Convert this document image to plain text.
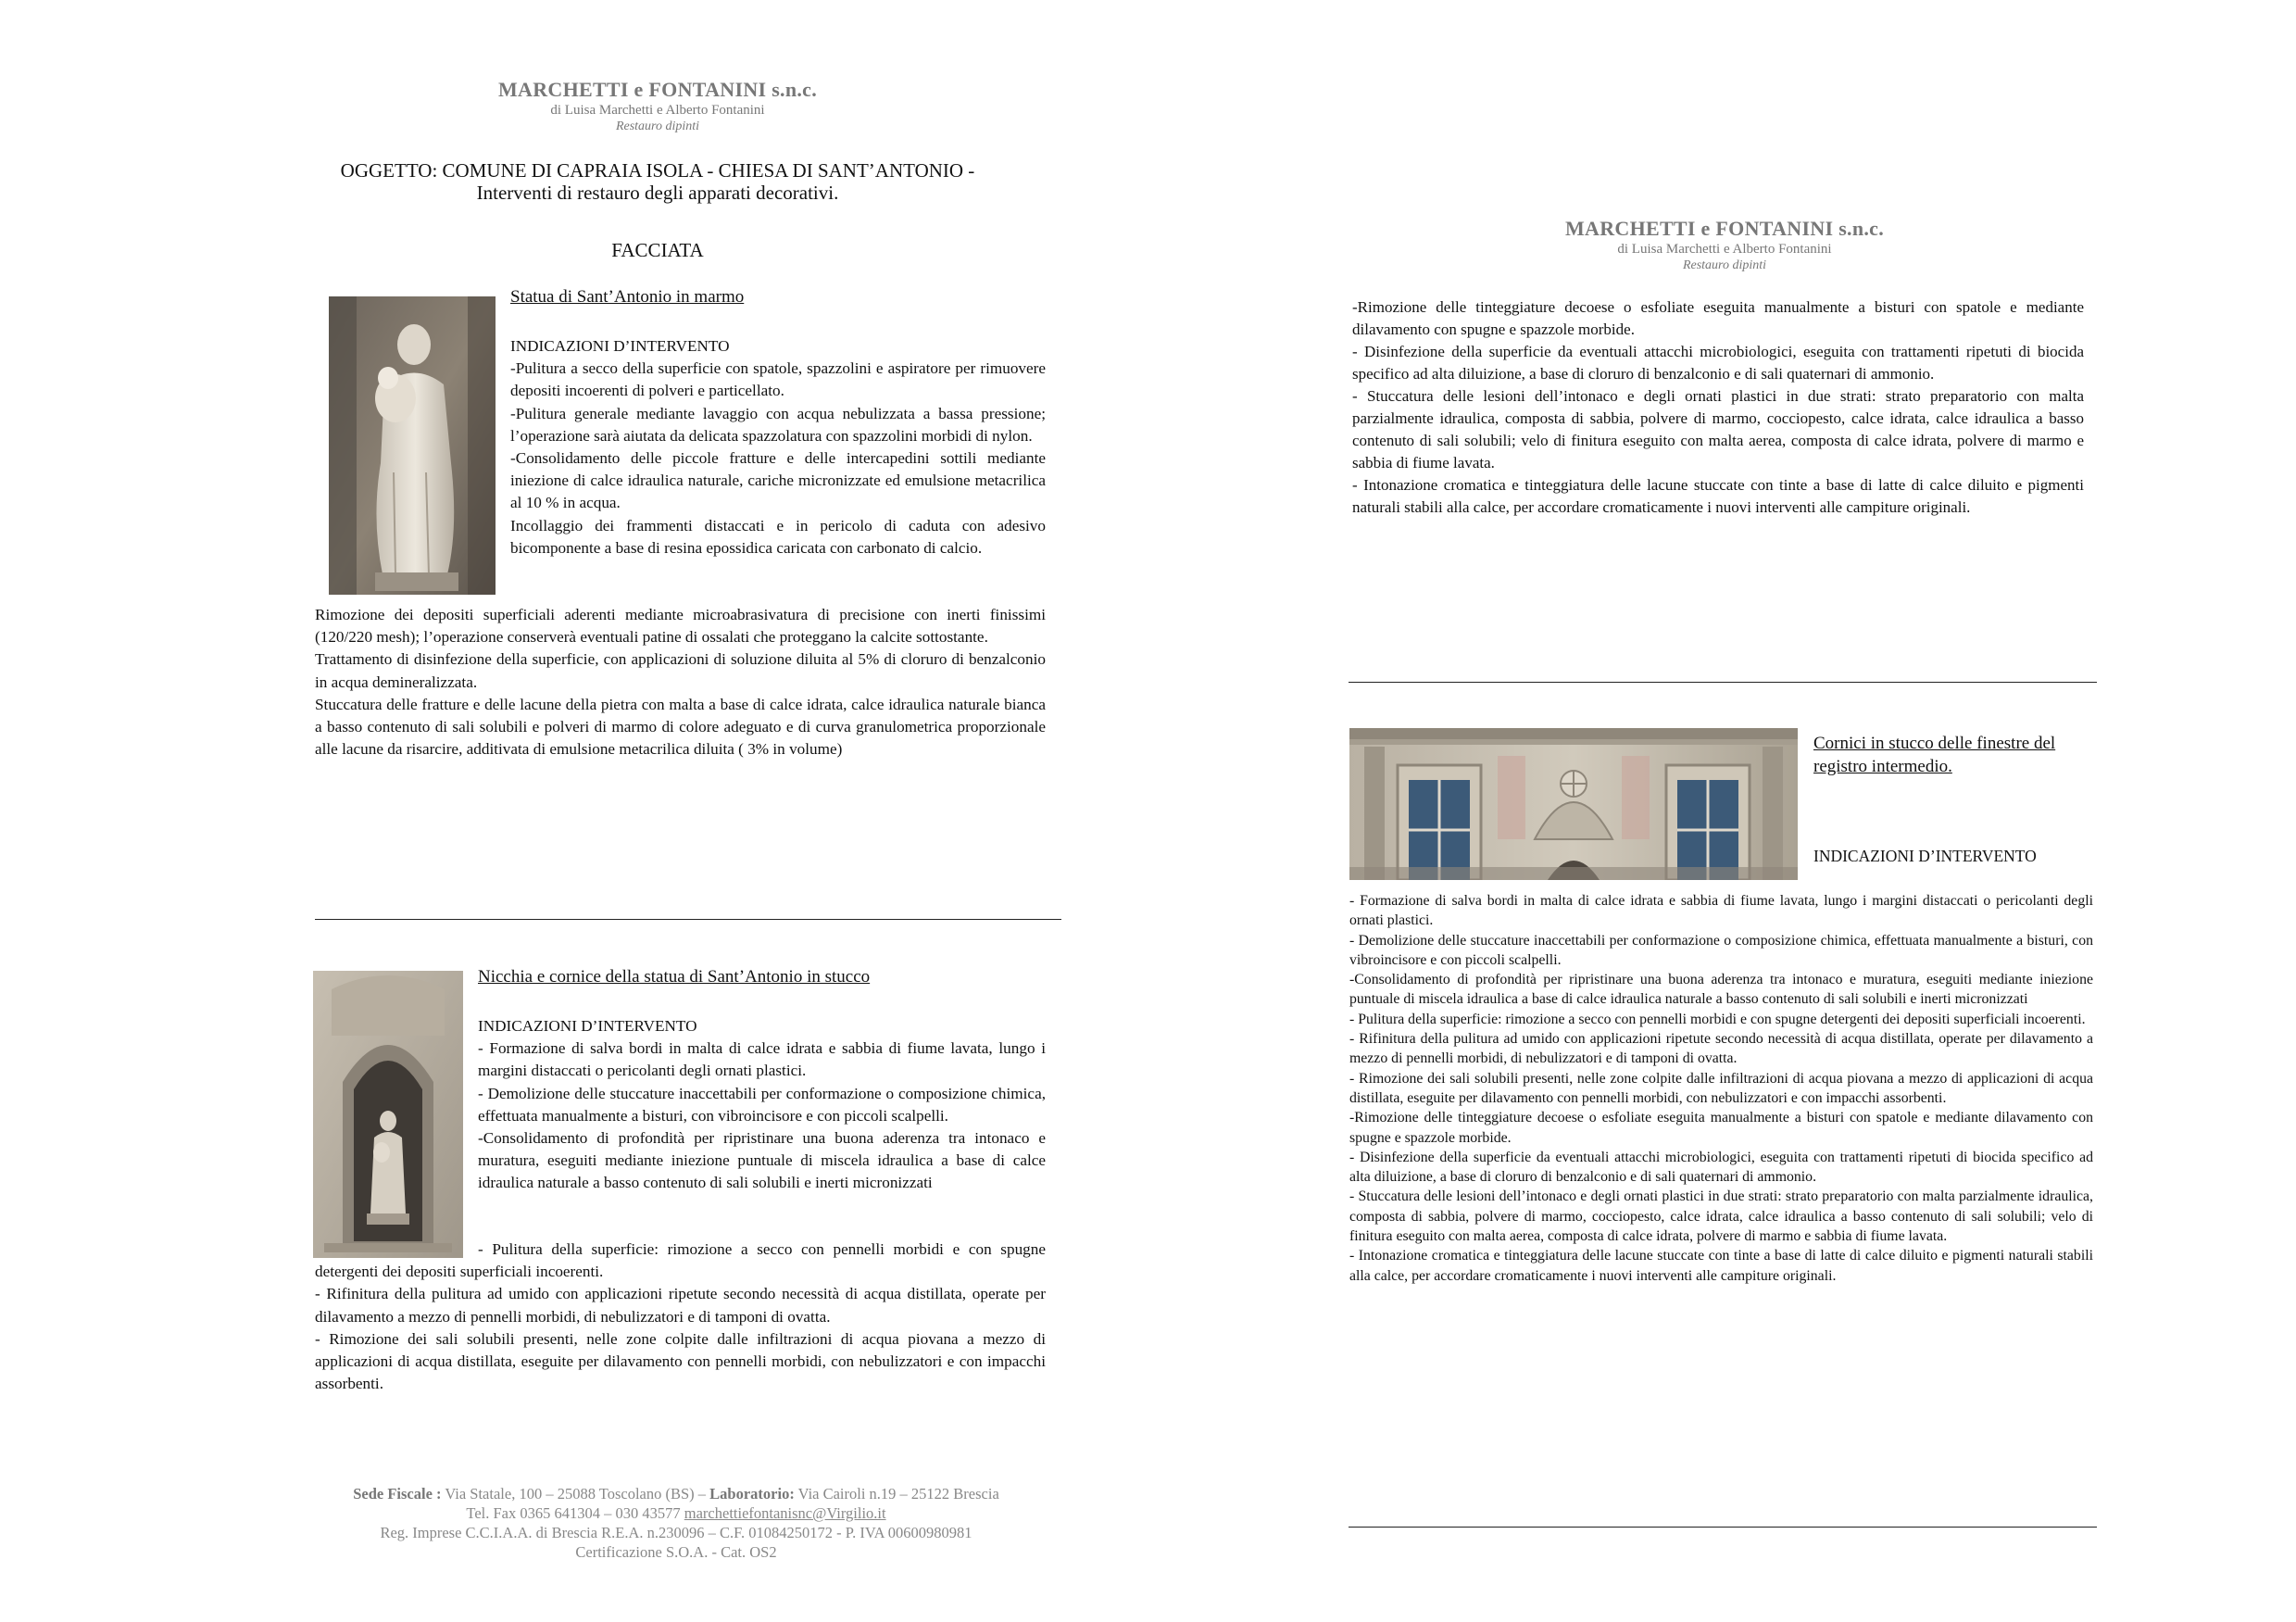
MARCHETTI e FONTANINI s.n.c.
di Luisa Marchetti e Alberto Fontanini
Restauro dipinti
OGGETTO: COMUNE DI CAPRAIA ISOLA - CHIESA DI SANT’ANTONIO -
Interventi di restauro degli apparati decorativi.
FACCIATA
Statua di Sant’Antonio in marmo

INDICAZIONI D’INTERVENTO

-Pulitura a secco della superficie con spatole, spazzolini e aspiratore per rimuovere depositi incoerenti di polveri e particellato.

-Pulitura generale mediante lavaggio con acqua nebulizzata a bassa pressione; l’operazione sarà aiutata da delicata spazzolatura con spazzolini morbidi di nylon.

-Consolidamento delle piccole fratture e delle intercapedini sottili mediante iniezione di calce idraulica naturale, cariche micronizzate ed emulsione metacrilica al 10 % in acqua.

Incollaggio dei frammenti distaccati e in pericolo di caduta con adesivo bicomponente a base di resina epossidica caricata con carbonato di calcio.

Rimozione dei depositi superficiali aderenti mediante microabrasivatura di precisione con inerti finissimi (120/220 mesh); l’operazione conserverà eventuali patine di ossalati che proteggano la calcite sottostante.

Trattamento di disinfezione della superficie, con applicazioni di soluzione diluita al 5% di cloruro di benzalconio in acqua demineralizzata.

Stuccatura delle fratture e delle lacune della pietra con malta a base di calce idrata, calce idraulica naturale bianca a basso contenuto di sali solubili e polveri di marmo di colore adeguato e di curva granulometrica proporzionale alle lacune da risarcire, additivata di emulsione metacrilica diluita ( 3% in volume)

Nicchia e cornice della statua di Sant’Antonio in stucco

INDICAZIONI D’INTERVENTO

- Formazione di salva bordi in malta di calce idrata e sabbia di fiume lavata, lungo i margini distaccati o pericolanti degli ornati plastici.

- Demolizione delle stuccature inaccettabili per conformazione o composizione chimica, effettuata manualmente a bisturi, con vibroincisore e con piccoli scalpelli.

-Consolidamento di profondità per ripristinare una buona aderenza tra intonaco e muratura, eseguiti mediante iniezione puntuale di miscela idraulica a base di calce idraulica naturale a basso contenuto di sali solubili e inerti micronizzati

- Pulitura della superficie: rimozione a secco con pennelli morbidi e con spugne detergenti dei depositi superficiali incoerenti.

- Rifinitura della pulitura ad umido con applicazioni ripetute secondo necessità di acqua distillata, operate per dilavamento a mezzo di pennelli morbidi, di nebulizzatori e di tamponi di ovatta.

- Rimozione dei sali solubili presenti, nelle zone colpite dalle infiltrazioni di acqua piovana a mezzo di applicazioni di acqua distillata, eseguite per dilavamento con pennelli morbidi, con nebulizzatori e con impacchi assorbenti.

Sede Fiscale : Via Statale, 100 – 25088 Toscolano (BS) – Laboratorio: Via Cairoli n.19 – 25122 Brescia
Tel. Fax 0365 641304 – 030 43577 marchettiefontanisnc@Virgilio.it
Reg. Imprese C.C.I.A.A. di Brescia R.E.A. n.230096 – C.F. 01084250172 - P. IVA 00600980981
Certificazione S.O.A. - Cat. OS2
MARCHETTI e FONTANINI s.n.c.
di Luisa Marchetti e Alberto Fontanini
Restauro dipinti

-Rimozione delle tinteggiature decoese o esfoliate eseguita manualmente a bisturi con spatole e mediante dilavamento con spugne e spazzole morbide.

- Disinfezione della superficie da eventuali attacchi microbiologici, eseguita con trattamenti ripetuti di biocida specifico ad alta diluizione, a base di cloruro di benzalconio e di sali quaternari di ammonio.

- Stuccatura delle lesioni dell’intonaco e degli ornati plastici in due strati: strato preparatorio con malta parzialmente idraulica, composta di sabbia, polvere di marmo, cocciopesto, calce idrata, calce idraulica a basso contenuto di sali solubili; velo di finitura eseguito con malta aerea, composta di calce idrata, polvere di marmo e sabbia di fiume lavata.

- Intonazione cromatica e tinteggiatura delle lacune stuccate con tinte a base di latte di calce diluito e pigmenti naturali stabili alla calce, per accordare cromaticamente i nuovi interventi alle campiture originali.

Cornici in stucco delle finestre del registro intermedio.
INDICAZIONI D’INTERVENTO

- Formazione di salva bordi in malta di calce idrata e sabbia di fiume lavata, lungo i margini distaccati o pericolanti degli ornati plastici.

- Demolizione delle stuccature inaccettabili per conformazione o composizione chimica, effettuata manualmente a bisturi, con vibroincisore e con piccoli scalpelli.

-Consolidamento di profondità per ripristinare una buona aderenza tra intonaco e muratura, eseguiti mediante iniezione puntuale di miscela idraulica a base di calce idraulica naturale a basso contenuto di sali solubili e inerti micronizzati

- Pulitura della superficie: rimozione a secco con pennelli morbidi e con spugne detergenti dei depositi superficiali incoerenti.

- Rifinitura della pulitura ad umido con applicazioni ripetute secondo necessità di acqua distillata, operate per dilavamento a mezzo di pennelli morbidi, di nebulizzatori e di tamponi di ovatta.

- Rimozione dei sali solubili presenti, nelle zone colpite dalle infiltrazioni di acqua piovana a mezzo di applicazioni di acqua distillata, eseguite per dilavamento con pennelli morbidi, con nebulizzatori e con impacchi assorbenti.

-Rimozione delle tinteggiature decoese o esfoliate eseguita manualmente a bisturi con spatole e mediante dilavamento con spugne e spazzole morbide.

- Disinfezione della superficie da eventuali attacchi microbiologici, eseguita con trattamenti ripetuti di biocida specifico ad alta diluizione, a base di cloruro di benzalconio e di sali quaternari di ammonio.

- Stuccatura delle lesioni dell’intonaco e degli ornati plastici in due strati: strato preparatorio con malta parzialmente idraulica, composta di sabbia, polvere di marmo, cocciopesto, calce idrata, calce idraulica a basso contenuto di sali solubili; velo di finitura eseguito con malta aerea, composta di calce idrata, polvere di marmo e sabbia di fiume lavata.

- Intonazione cromatica e tinteggiatura delle lacune stuccate con tinte a base di latte di calce diluito e pigmenti naturali stabili alla calce, per accordare cromaticamente i nuovi interventi alle campiture originali.
